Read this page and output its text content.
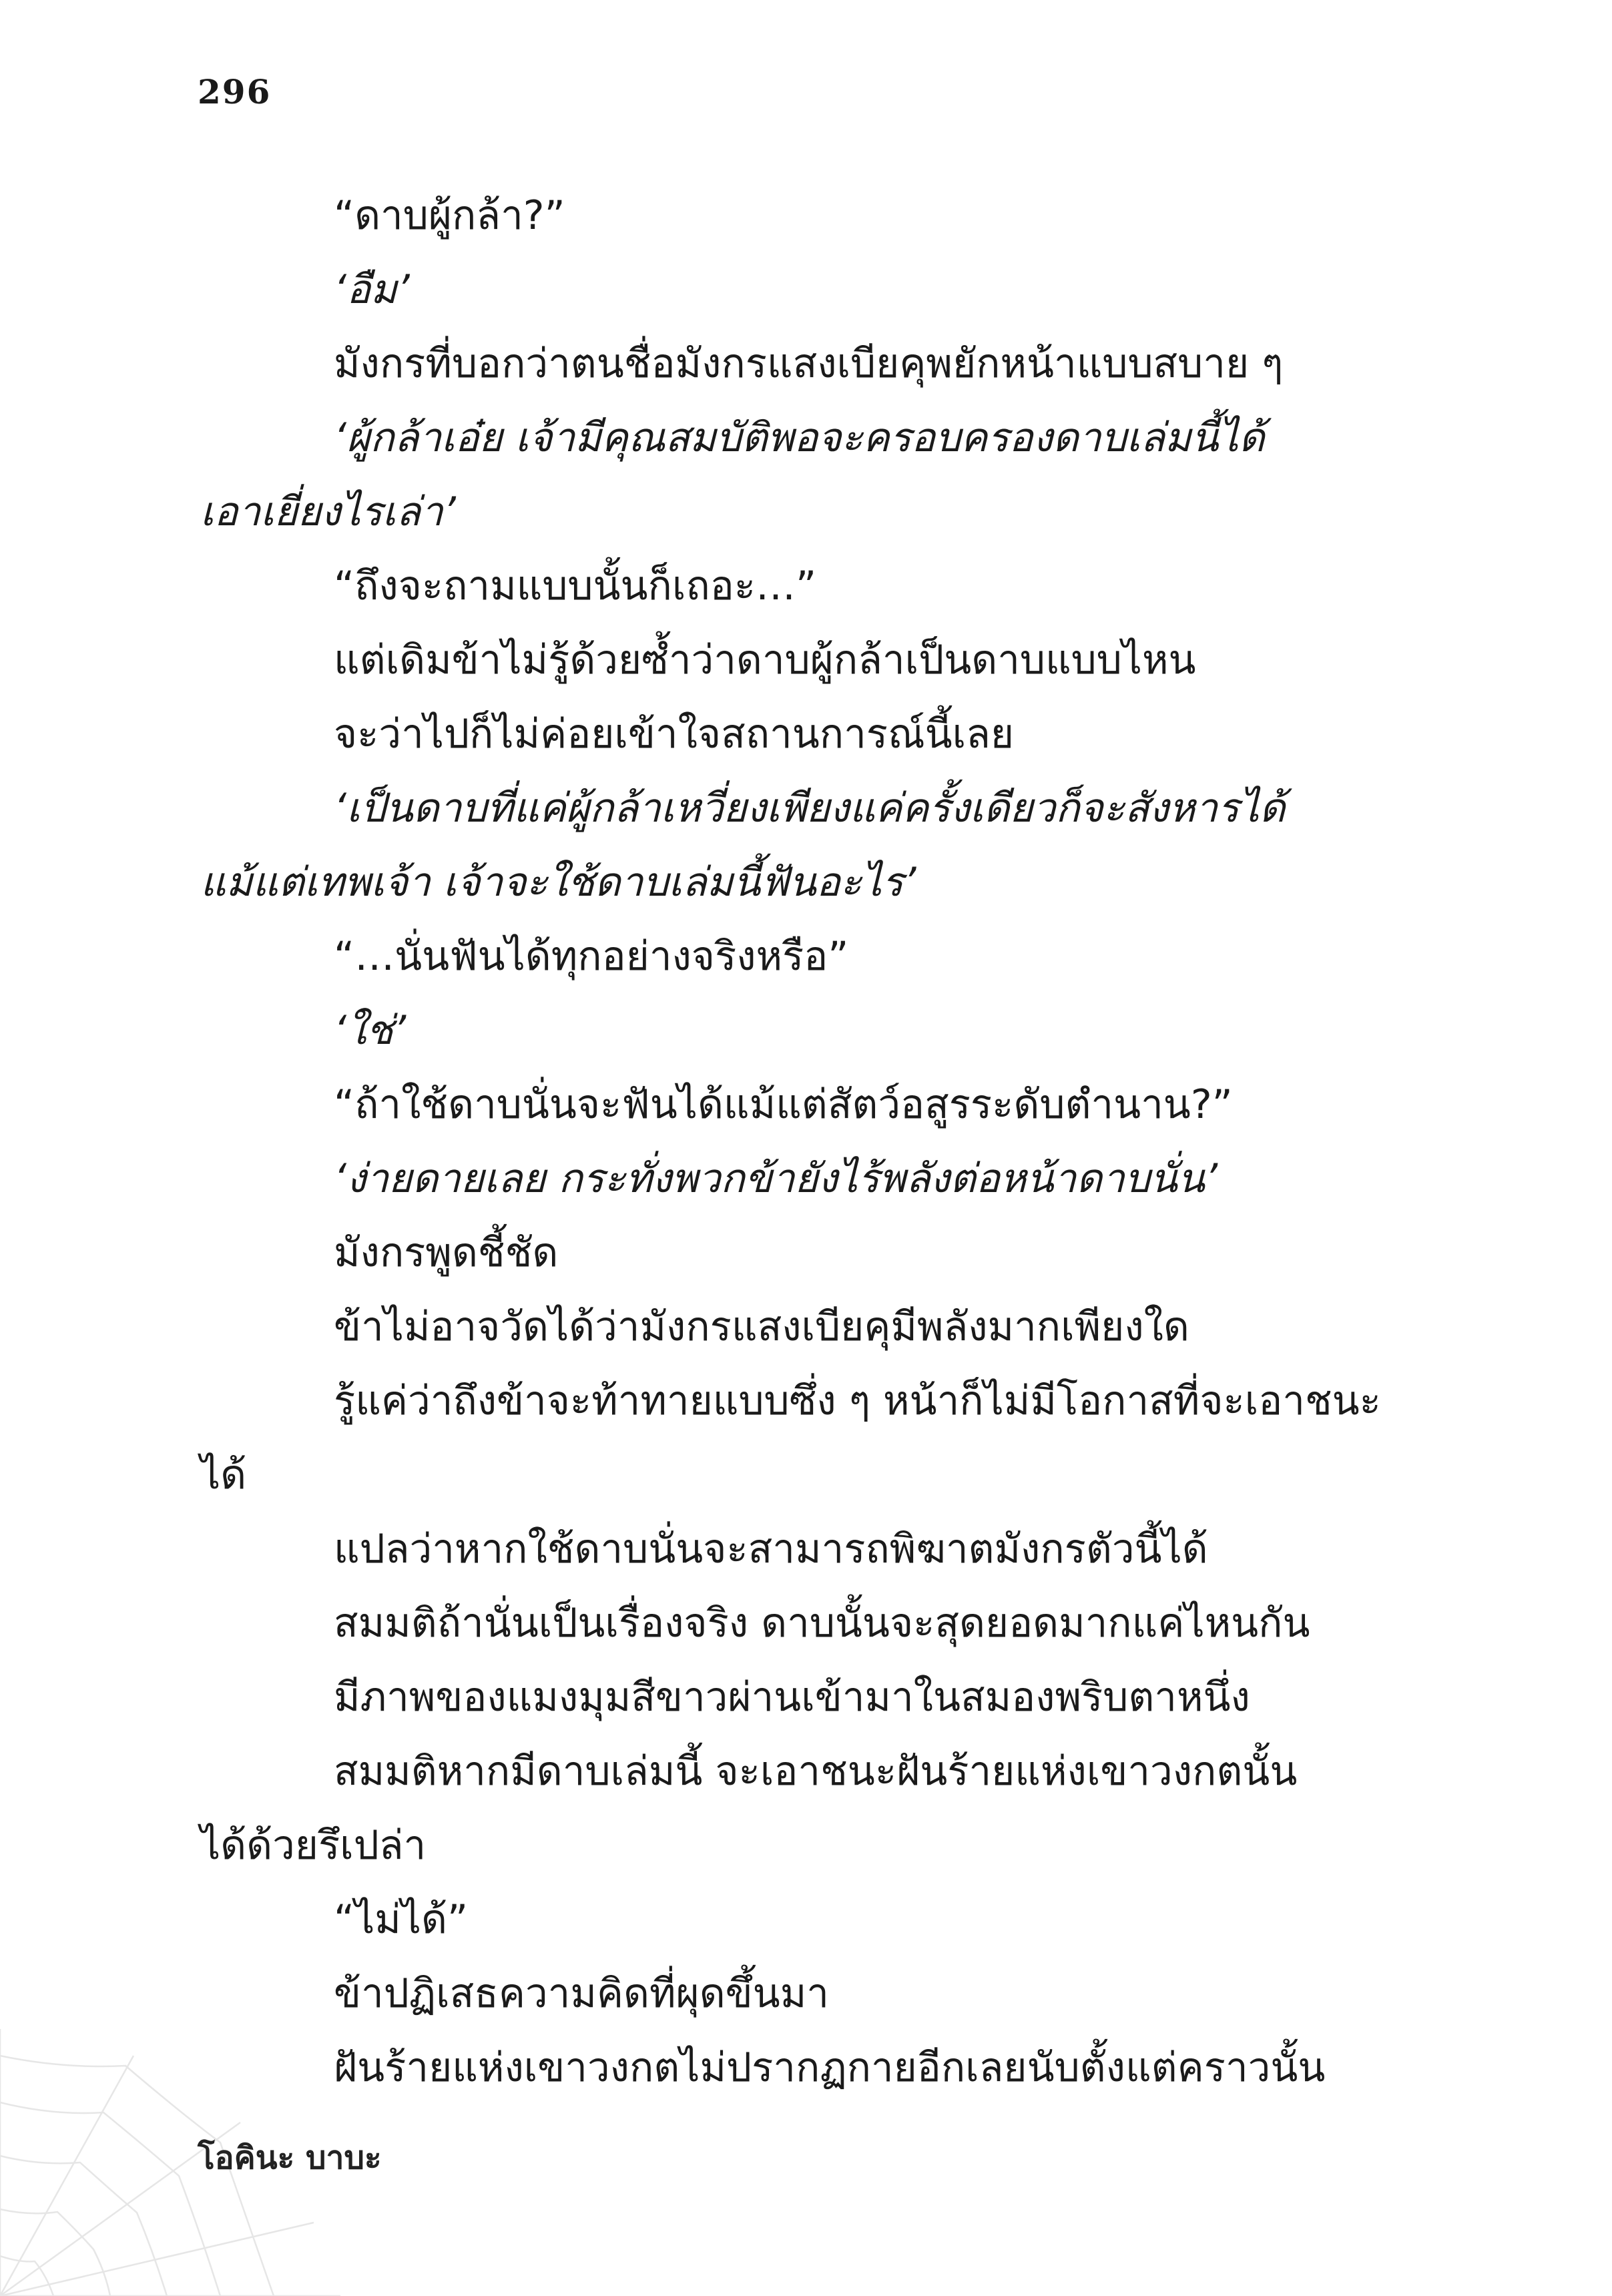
296
“ดาบผู้กล้า?”
‘อืม’
มังกรที่บอกว่าตนชื่อมังกรแสงเบียคุพยักหน้าแบบสบาย ๆ
‘ผู้กล้าเอ๋ย เจ้ามีคุณสมบัติพอจะครอบครองดาบเล่มนี้ได้
เอาเยี่ยงไรเล่า’
“ถึงจะถามแบบนั้นก็เถอะ…”
แต่เดิมข้าไม่รู้ด้วยซ้ำว่าดาบผู้กล้าเป็นดาบแบบไหน
จะว่าไปก็ไม่ค่อยเข้าใจสถานการณ์นี้เลย
‘เป็นดาบที่แค่ผู้กล้าเหวี่ยงเพียงแค่ครั้งเดียวก็จะสังหารได้
แม้แต่เทพเจ้า เจ้าจะใช้ดาบเล่มนี้ฟันอะไร’
“…นั่นฟันได้ทุกอย่างจริงหรือ”
‘ใช่’
“ถ้าใช้ดาบนั่นจะฟันได้แม้แต่สัตว์อสูรระดับตำนาน?”
‘ง่ายดายเลย กระทั่งพวกข้ายังไร้พลังต่อหน้าดาบนั่น’
มังกรพูดชี้ชัด
ข้าไม่อาจวัดได้ว่ามังกรแสงเบียคุมีพลังมากเพียงใด
รู้แค่ว่าถึงข้าจะท้าทายแบบซึ่ง ๆ หน้าก็ไม่มีโอกาสที่จะเอาชนะ
ได้
แปลว่าหากใช้ดาบนั่นจะสามารถพิฆาตมังกรตัวนี้ได้
สมมติถ้านั่นเป็นเรื่องจริง ดาบนั้นจะสุดยอดมากแค่ไหนกัน
มีภาพของแมงมุมสีขาวผ่านเข้ามาในสมองพริบตาหนึ่ง
สมมติหากมีดาบเล่มนี้ จะเอาชนะฝันร้ายแห่งเขาวงกตนั้น
ได้ด้วยรึเปล่า
“ไม่ได้”
ข้าปฏิเสธความคิดที่ผุดขึ้นมา
ฝันร้ายแห่งเขาวงกตไม่ปรากฏกายอีกเลยนับตั้งแต่คราวนั้น
โอคินะ บาบะ
